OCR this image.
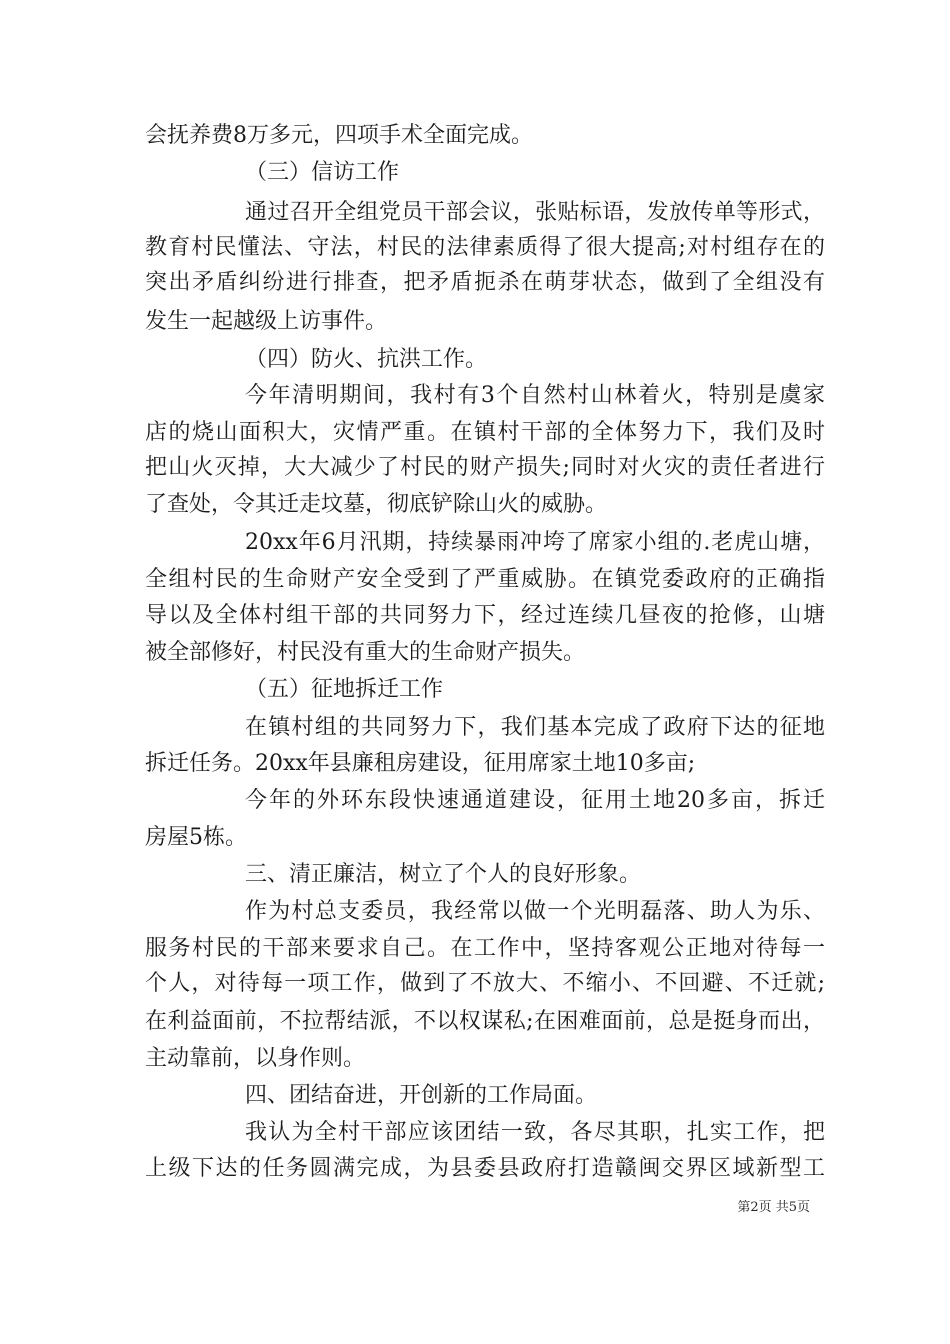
会抚养费8万多元，四项手术全面完成。
（三）信访工作
通过召开全组党员干部会议，张贴标语，发放传单等形式，
教育村民懂法、守法，村民的法律素质得了很大提高;对村组存在的
突出矛盾纠纷进行排查，把矛盾扼杀在萌芽状态，做到了全组没有
发生一起越级上访事件。
（四）防火、抗洪工作。
今年清明期间，我村有3个自然村山林着火，特别是虞家
店的烧山面积大，灾情严重。在镇村干部的全体努力下，我们及时
把山火灭掉，大大减少了村民的财产损失;同时对火灾的责任者进行
了查处，令其迁走坟墓，彻底铲除山火的威胁。
20xx年6月汛期，持续暴雨冲垮了席家小组的.老虎山塘，
全组村民的生命财产安全受到了严重威胁。在镇党委政府的正确指
导以及全体村组干部的共同努力下，经过连续几昼夜的抢修，山塘
被全部修好，村民没有重大的生命财产损失。
（五）征地拆迁工作
在镇村组的共同努力下，我们基本完成了政府下达的征地
拆迁任务。20xx年县廉租房建设，征用席家土地10多亩;
今年的外环东段快速通道建设，征用土地20多亩，拆迁
房屋5栋。
三、清正廉洁，树立了个人的良好形象。
作为村总支委员，我经常以做一个光明磊落、助人为乐、
服务村民的干部来要求自己。在工作中，坚持客观公正地对待每一
个人，对待每一项工作，做到了不放大、不缩小、不回避、不迁就;
在利益面前，不拉帮结派，不以权谋私;在困难面前，总是挺身而出，
主动靠前，以身作则。
四、团结奋进，开创新的工作局面。
我认为全村干部应该团结一致，各尽其职，扎实工作，把
上级下达的任务圆满完成，为县委县政府打造赣闽交界区域新型工
第2页 共5页
